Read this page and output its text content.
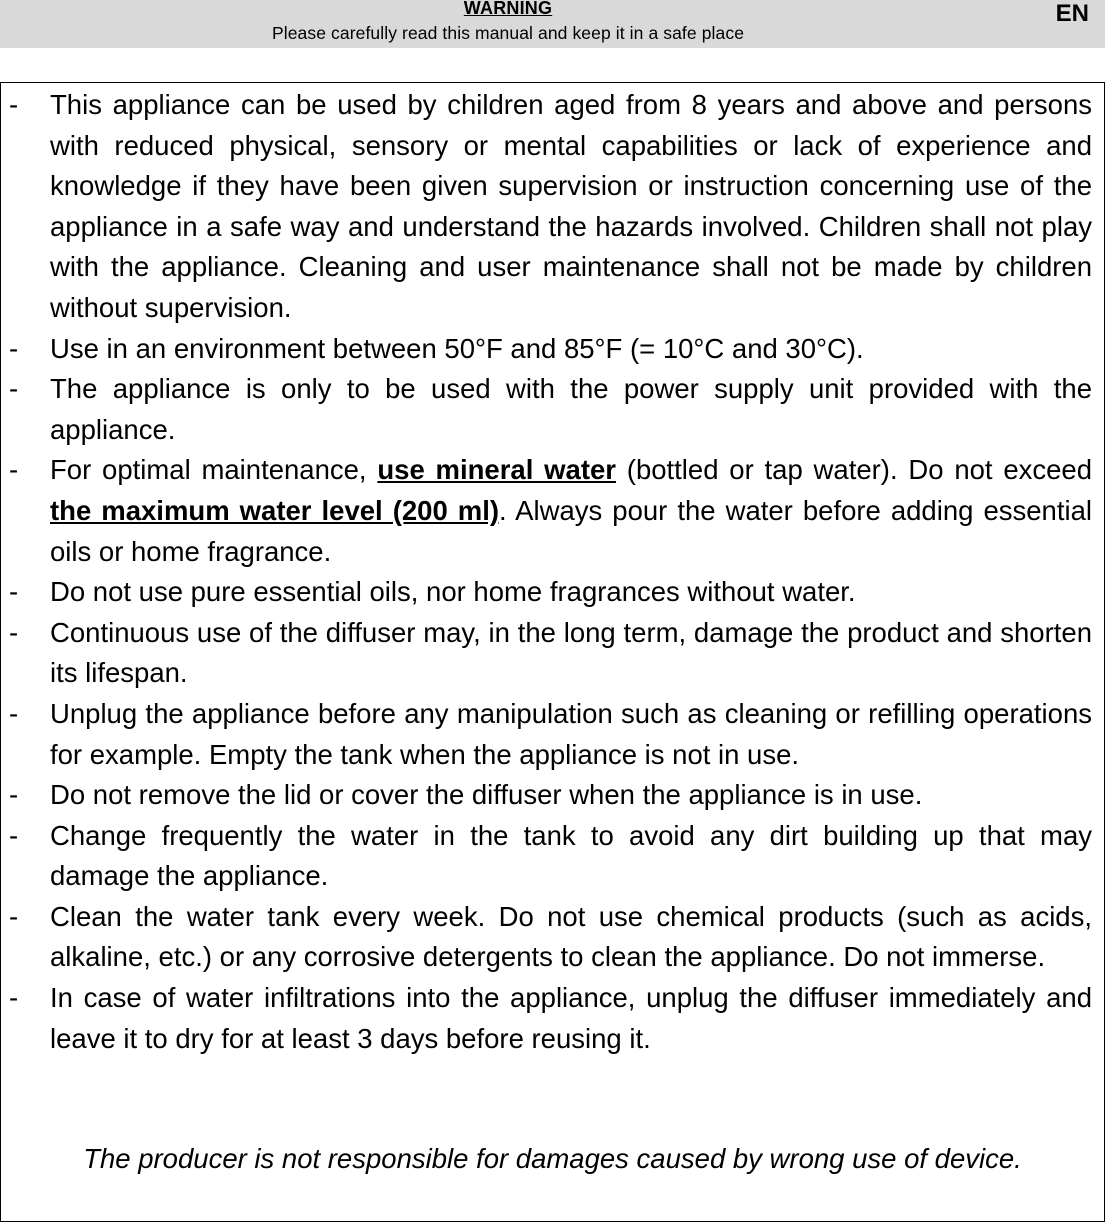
WARNING
Please carefully read this manual and keep it in a safe place
EN
- This appliance can be used by children aged from 8 years and above and persons with reduced physical, sensory or mental capabilities or lack of experience and knowledge if they have been given supervision or instruction concerning use of the appliance in a safe way and understand the hazards involved. Children shall not play with the appliance. Cleaning and user maintenance shall not be made by children without supervision.
- Use in an environment between 50°F and 85°F (= 10°C and 30°C).
- The appliance is only to be used with the power supply unit provided with the appliance.
- For optimal maintenance, use mineral water (bottled or tap water). Do not exceed the maximum water level (200 ml). Always pour the water before adding essential oils or home fragrance.
- Do not use pure essential oils, nor home fragrances without water.
- Continuous use of the diffuser may, in the long term, damage the product and shorten its lifespan.
- Unplug the appliance before any manipulation such as cleaning or refilling operations for example. Empty the tank when the appliance is not in use.
- Do not remove the lid or cover the diffuser when the appliance is in use.
- Change frequently the water in the tank to avoid any dirt building up that may damage the appliance.
- Clean the water tank every week. Do not use chemical products (such as acids, alkaline, etc.) or any corrosive detergents to clean the appliance. Do not immerse.
- In case of water infiltrations into the appliance, unplug the diffuser immediately and leave it to dry for at least 3 days before reusing it.
The producer is not responsible for damages caused by wrong use of device.
